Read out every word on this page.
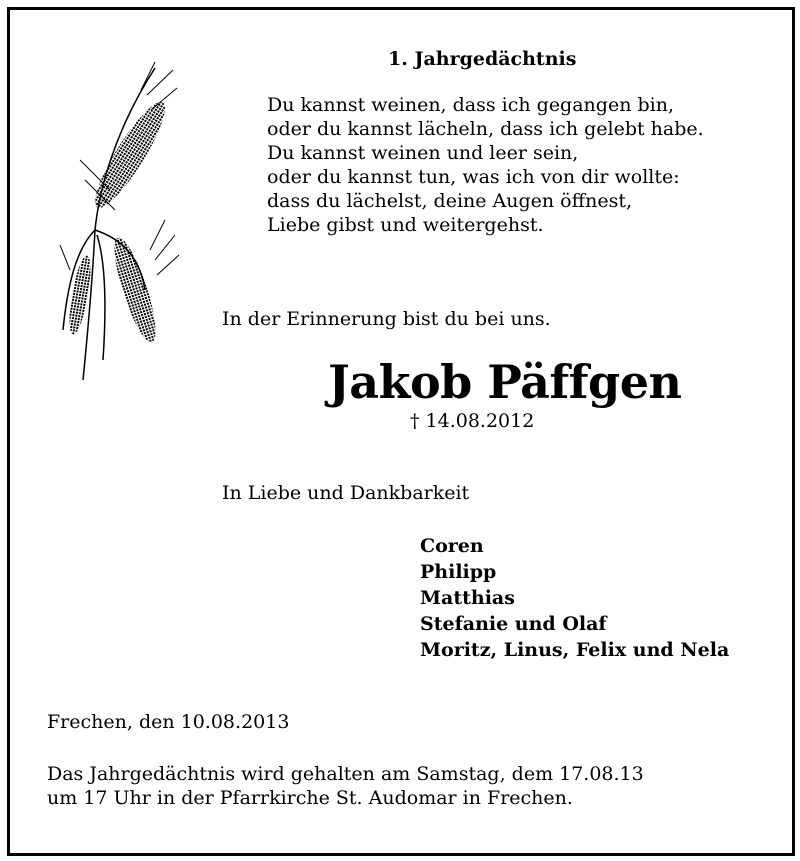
1. Jahrgedächtnis
Du kannst weinen, dass ich gegangen bin,
oder du kannst lächeln, dass ich gelebt habe.
Du kannst weinen und leer sein,
oder du kannst tun, was ich von dir wollte:
dass du lächelst, deine Augen öffnest,
Liebe gibst und weitergehst.
In der Erinnerung bist du bei uns.
Jakob Päffgen
† 14.08.2012
In Liebe und Dankbarkeit
Coren
Philipp
Matthias
Stefanie und Olaf
Moritz, Linus, Felix und Nela
Frechen, den 10.08.2013
Das Jahrgedächtnis wird gehalten am Samstag, dem 17.08.13
um 17 Uhr in der Pfarrkirche St. Audomar in Frechen.
